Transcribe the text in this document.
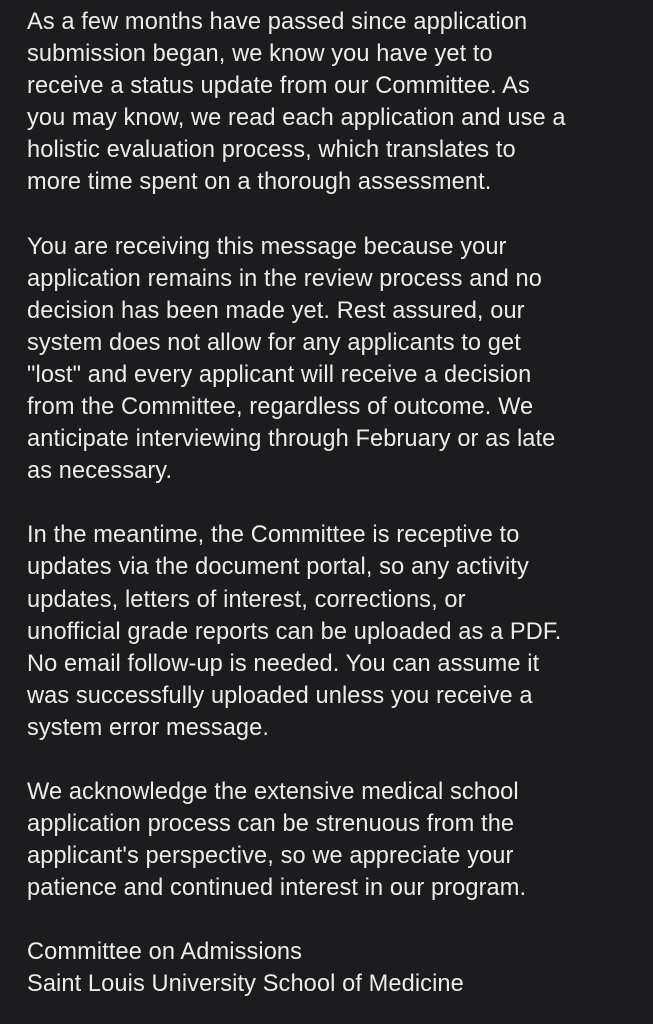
As a few months have passed since application
submission began, we know you have yet to
receive a status update from our Committee. As
you may know, we read each application and use a
holistic evaluation process, which translates to
more time spent on a thorough assessment.

You are receiving this message because your
application remains in the review process and no
decision has been made yet. Rest assured, our
system does not allow for any applicants to get
"lost" and every applicant will receive a decision
from the Committee, regardless of outcome. We
anticipate interviewing through February or as late
as necessary.

In the meantime, the Committee is receptive to
updates via the document portal, so any activity
updates, letters of interest, corrections, or
unofficial grade reports can be uploaded as a PDF.
No email follow-up is needed. You can assume it
was successfully uploaded unless you receive a
system error message.

We acknowledge the extensive medical school
application process can be strenuous from the
applicant's perspective, so we appreciate your
patience and continued interest in our program.

Committee on Admissions
Saint Louis University School of Medicine
